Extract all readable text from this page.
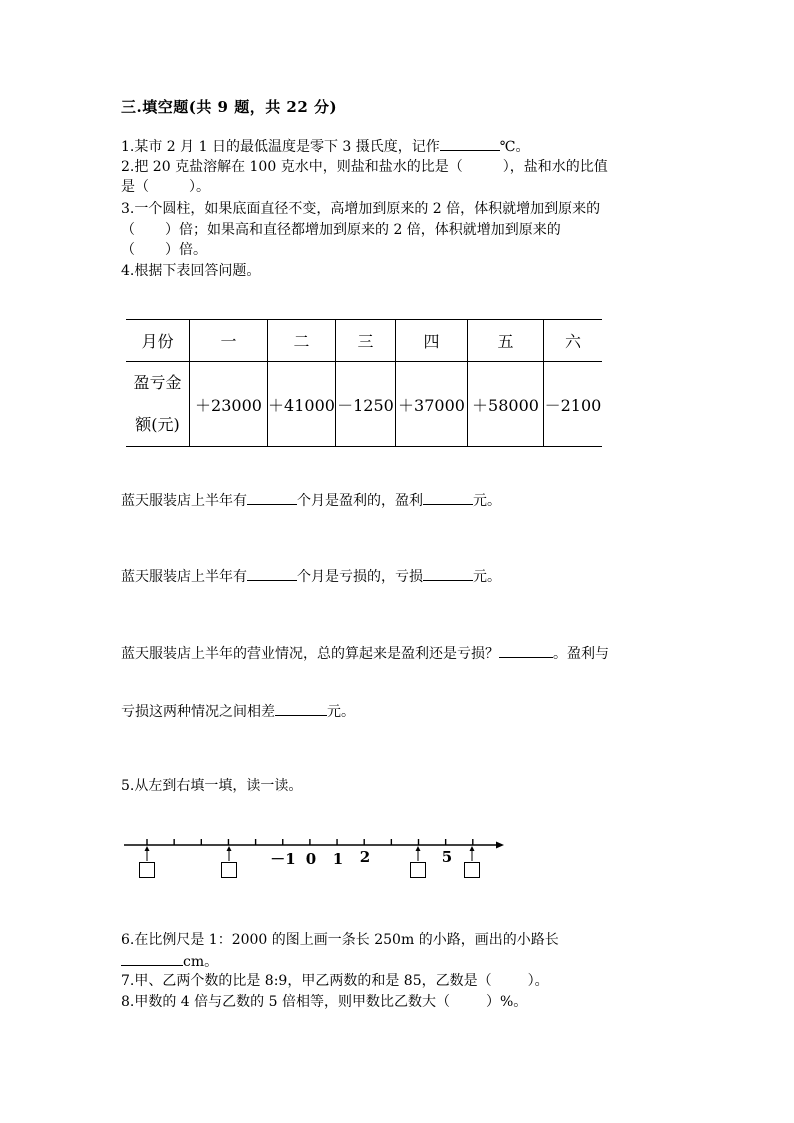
三.填空题(共 9 题，共 22 分)
1.某市 2 月 1 日的最低温度是零下 3 摄氏度，记作	℃。
2.把 20 克盐溶解在 100 克水中，则盐和盐水的比是（	），盐和水的比值
是（	）。
3.一个圆柱，如果底面直径不变，高增加到原来的 2 倍，体积就增加到原来的
（ ）倍；如果高和直径都增加到原来的 2 倍，体积就增加到原来的
（ ）倍。
4.根据下表回答问题。
月份	一	二	三	四	五	六

盈亏金
额(元)	＋23000	＋41000	－1250	＋37000	＋58000	－2100
蓝天服装店上半年有	个月是盈利的，盈利	元。
蓝天服装店上半年有	个月是亏损的，亏损	元。
蓝天服装店上半年的营业情况，总的算起来是盈利还是亏损？	。盈利与
亏损这两种情况之间相差	元。
5.从左到右填一填，读一读。
－1 0 1 2	5
6.在比例尺是 1：2000 的图上画一条长 250m 的小路，画出的小路长
cm。
7.甲、乙两个数的比是 8:9，甲乙两数的和是 85，乙数是（	）。
8.甲数的 4 倍与乙数的 5 倍相等，则甲数比乙数大（	）%。
